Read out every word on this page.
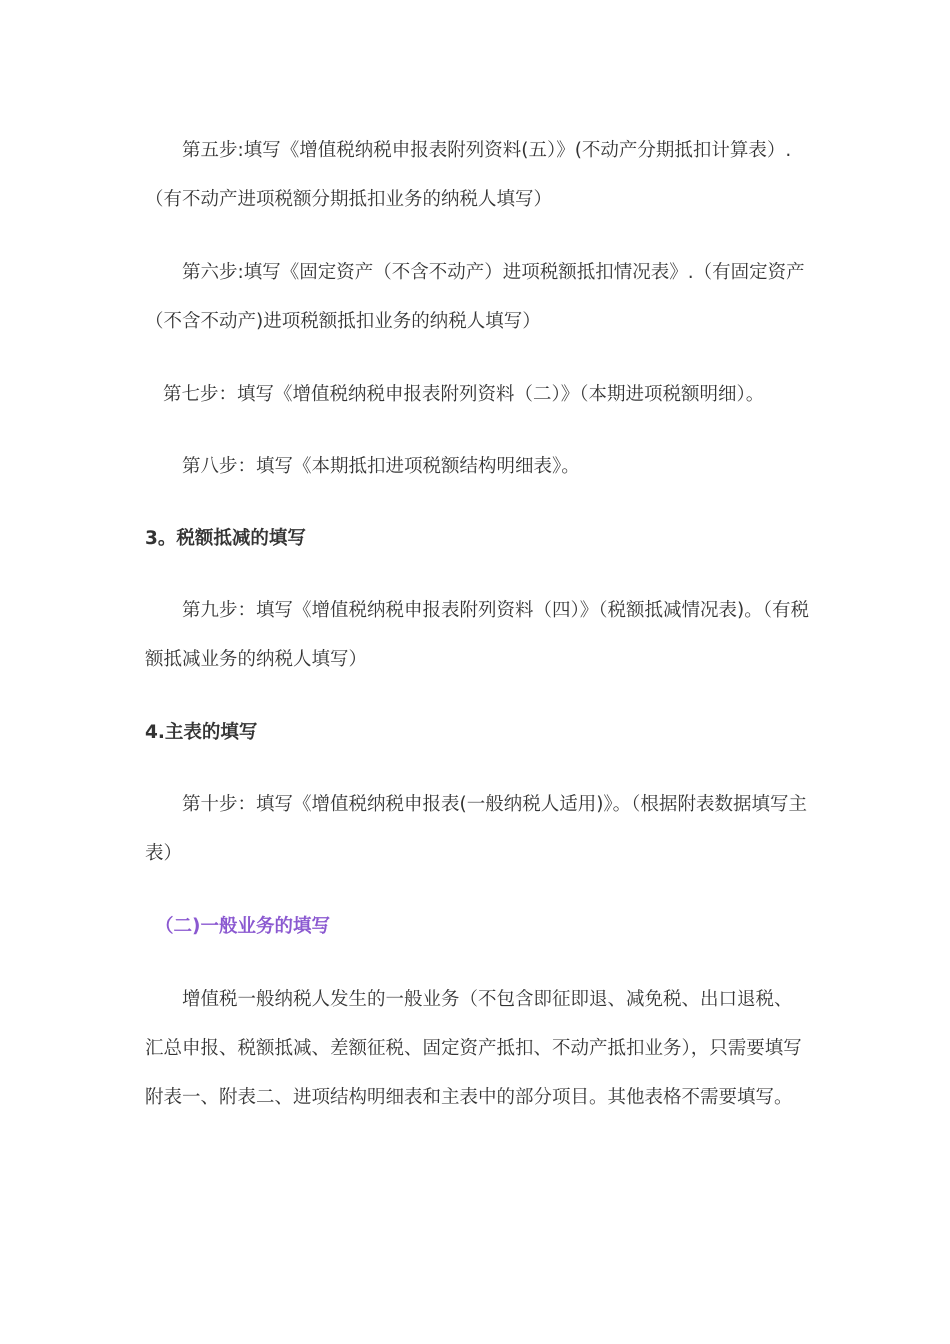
第五步:填写《增值税纳税申报表附列资料(五）》(不动产分期抵扣计算表）.（有不动产进项税额分期抵扣业务的纳税人填写）

第六步:填写《固定资产（不含不动产）进项税额抵扣情况表》.（有固定资产（不含不动产)进项税额抵扣业务的纳税人填写）

第七步：填写《增值税纳税申报表附列资料（二）》（本期进项税额明细）。

第八步：填写《本期抵扣进项税额结构明细表》。

3。税额抵减的填写

第九步：填写《增值税纳税申报表附列资料（四）》（税额抵减情况表)。（有税额抵减业务的纳税人填写）

4.主表的填写

第十步：填写《增值税纳税申报表(一般纳税人适用)》。（根据附表数据填写主表）

（二)一般业务的填写

增值税一般纳税人发生的一般业务（不包含即征即退、减免税、出口退税、汇总申报、税额抵减、差额征税、固定资产抵扣、不动产抵扣业务），只需要填写附表一、附表二、进项结构明细表和主表中的部分项目。其他表格不需要填写。
